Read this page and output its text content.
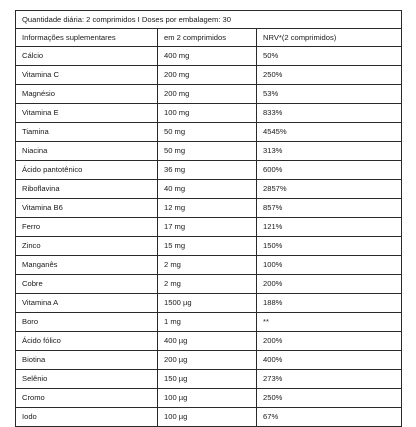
Quantidade diária: 2 comprimidos I Doses por embalagem: 30		
Informações suplementares	em 2 comprimidos	NRV*(2 comprimidos)
Cálcio	400 mg	50%
Vitamina C	200 mg	250%
Magnésio	200 mg	53%
Vitamina E	100 mg	833%
Tiamina	50 mg	4545%
Niacina	50 mg	313%
Ácido pantotênico	36 mg	600%
Riboflavina	40 mg	2857%
Vitamina B6	12 mg	857%
Ferro	17 mg	121%
Zinco	15 mg	150%
Manganês	2 mg	100%
Cobre	2 mg	200%
Vitamina A	1500 µg	188%
Boro	1 mg	**
Ácido fólico	400 µg	200%
Biotina	200 µg	400%
Selênio	150 µg	273%
Cromo	100 µg	250%
Iodo	100 µg	67%
